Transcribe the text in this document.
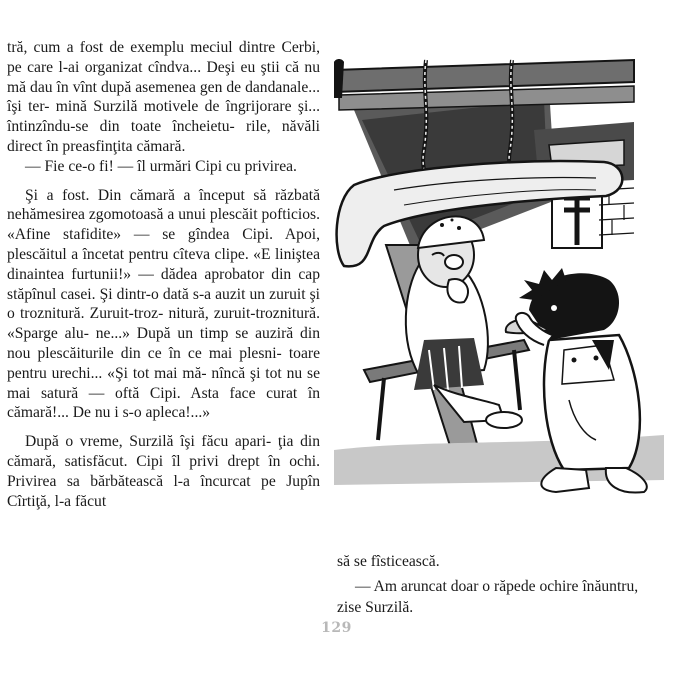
tră, cum a fost de exemplu meciul dintre Cerbi, pe care l-ai organizat cîndva... Deşi eu ştii că nu mă dau în vînt după asemenea gen de dandanale... îşi ter- mină Surzilă motivele de îngrijorare şi... întinzîndu-se din toate încheietu- rile, năvăli direct în preasfinţita cămară.

— Fie ce-o fi! — îl urmări Cipi cu privirea.

Şi a fost. Din cămară a început să răzbată nehămesirea zgomotoasă a unui plescăit pofticios. «Afine stafidite» — se gîndea Cipi. Apoi, plescăitul a încetat pentru cîteva clipe. «E liniştea dinaintea furtunii!» — dădea aprobator din cap stăpînul casei. Şi dintr-o dată s-a auzit un zuruit şi o troznitură. Zuruit-troz- nitură, zuruit-troznitură. «Sparge alu- ne...» După un timp se auziră din nou plescăiturile din ce în ce mai plesni- toare pentru urechi... «Şi tot mai mă- nîncă şi tot nu se mai satură — oftă Cipi. Asta face curat în cămară!... De nu i s-o apleca!...»

După o vreme, Surzilă îşi făcu apari- ţia din cămară, satisfăcut. Cipi îl privi drept în ochi. Privirea sa bărbătească l-a încurcat pe Jupîn Cîrtiţă, l-a făcut

să se fîsticească.

— Am aruncat doar o răpede ochire înăuntru, zise Surzilă.

129
